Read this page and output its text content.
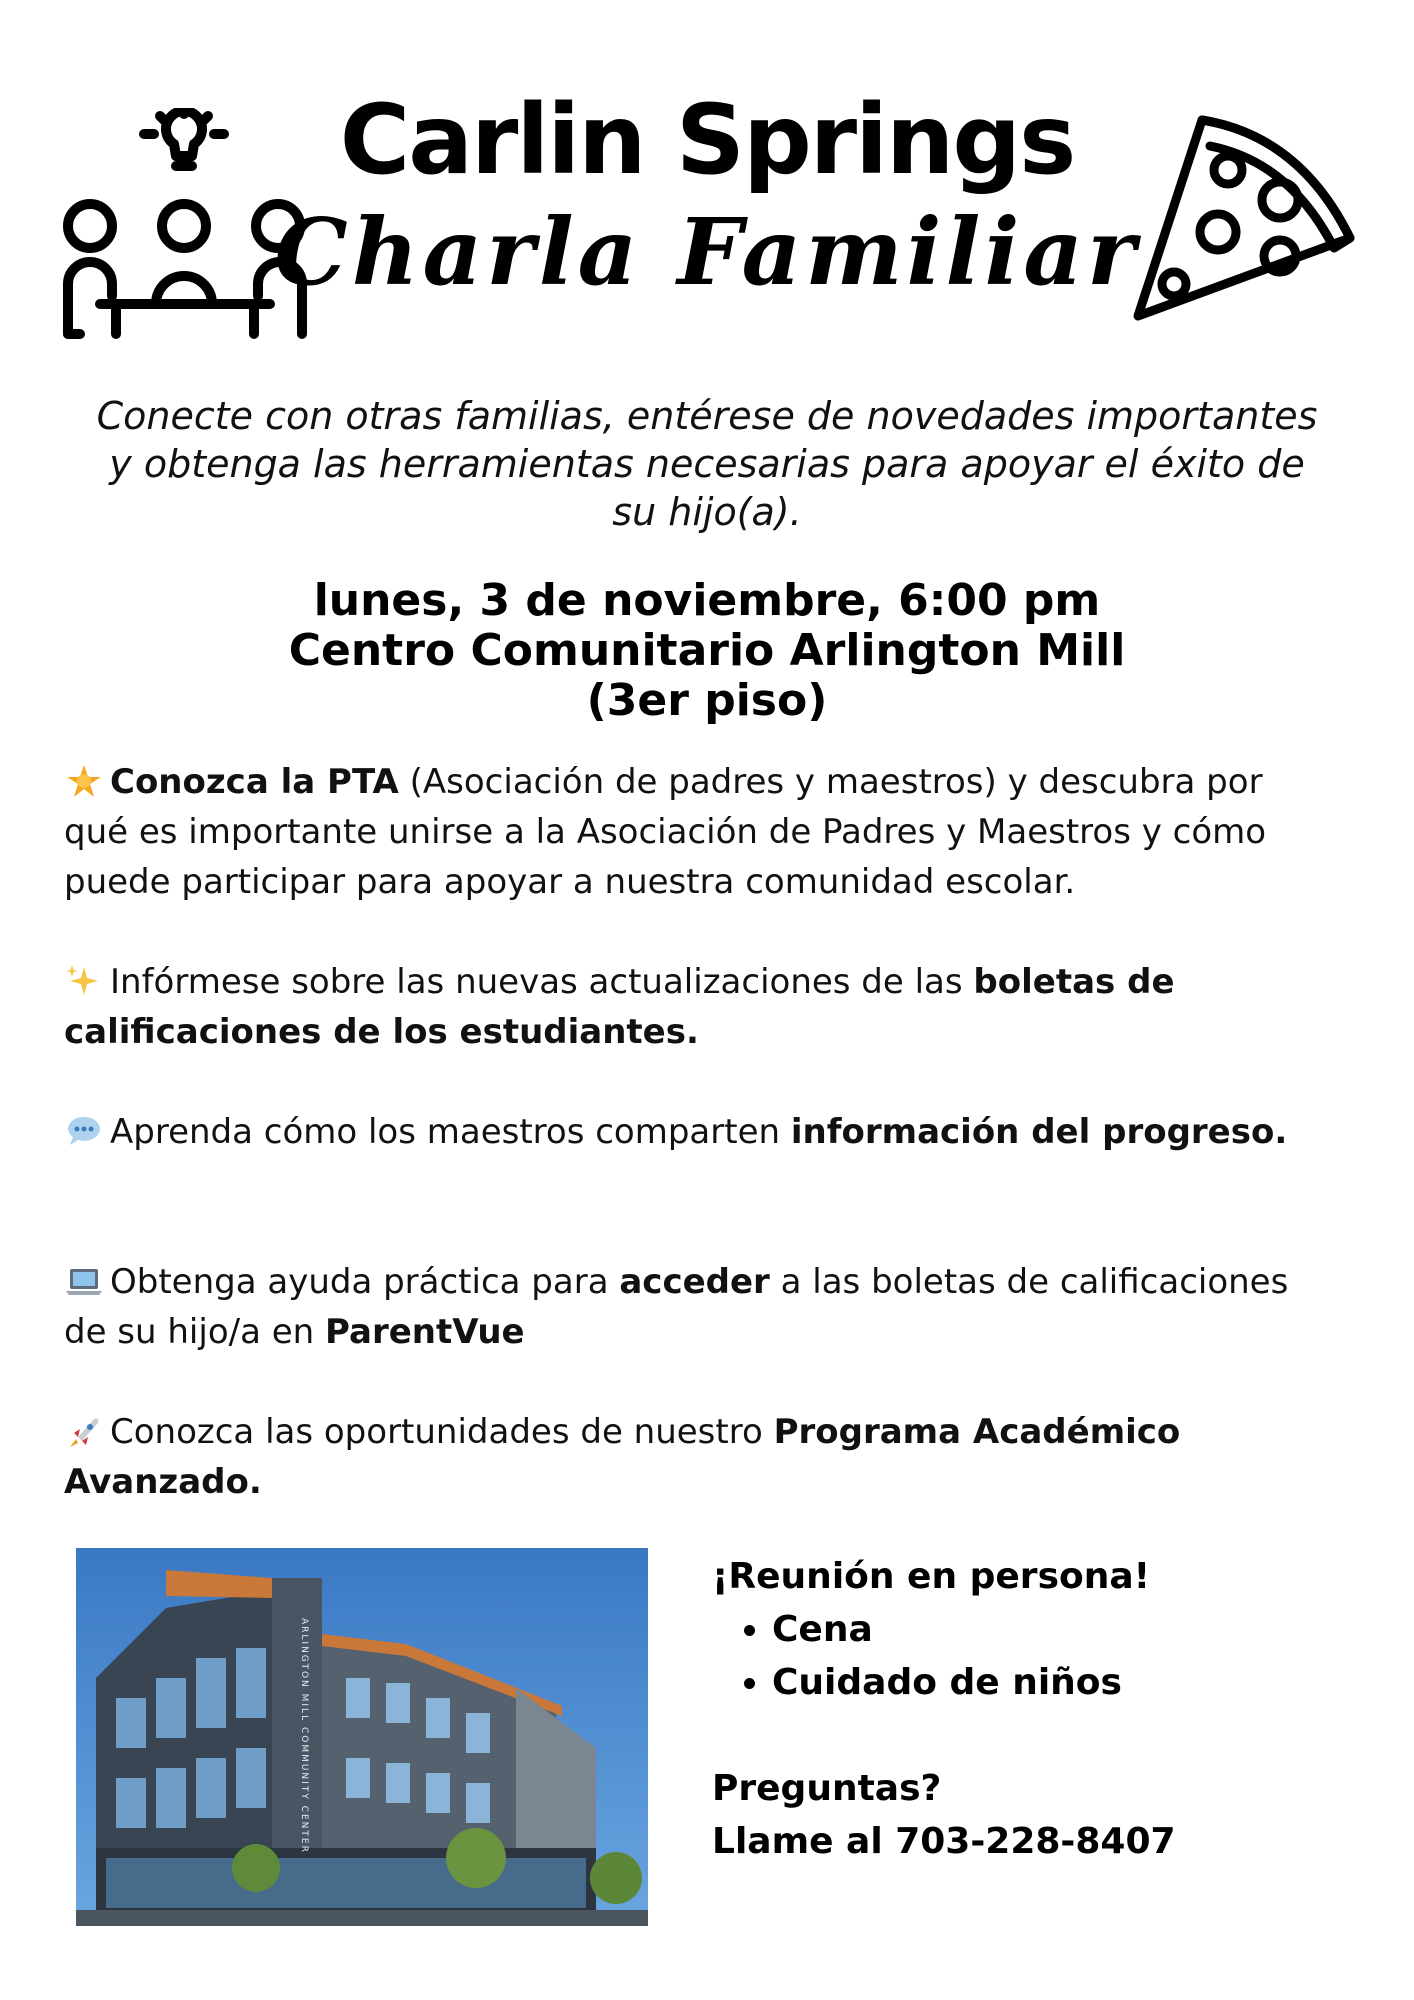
Carlin Springs
Charla Familiar
Conecte con otras familias, entérese de novedades importantes y obtenga las herramientas necesarias para apoyar el éxito de su hijo(a).
lunes, 3 de noviembre, 6:00 pm
Centro Comunitario Arlington Mill
(3er piso)
Conozca la PTA (Asociación de padres y maestros) y descubra por qué es importante unirse a la Asociación de Padres y Maestros y cómo puede participar para apoyar a nuestra comunidad escolar.
Infórmese sobre las nuevas actualizaciones de las boletas de calificaciones de los estudiantes.
Aprenda cómo los maestros comparten información del progreso.
Obtenga ayuda práctica para acceder a las boletas de calificaciones de su hijo/a en ParentVue
Conozca las oportunidades de nuestro Programa Académico Avanzado.
ARLINGTON MILL COMMUNITY CENTER
¡Reunión en persona!
• Cena
• Cuidado de niños
Preguntas?
Llame al 703-228-8407
